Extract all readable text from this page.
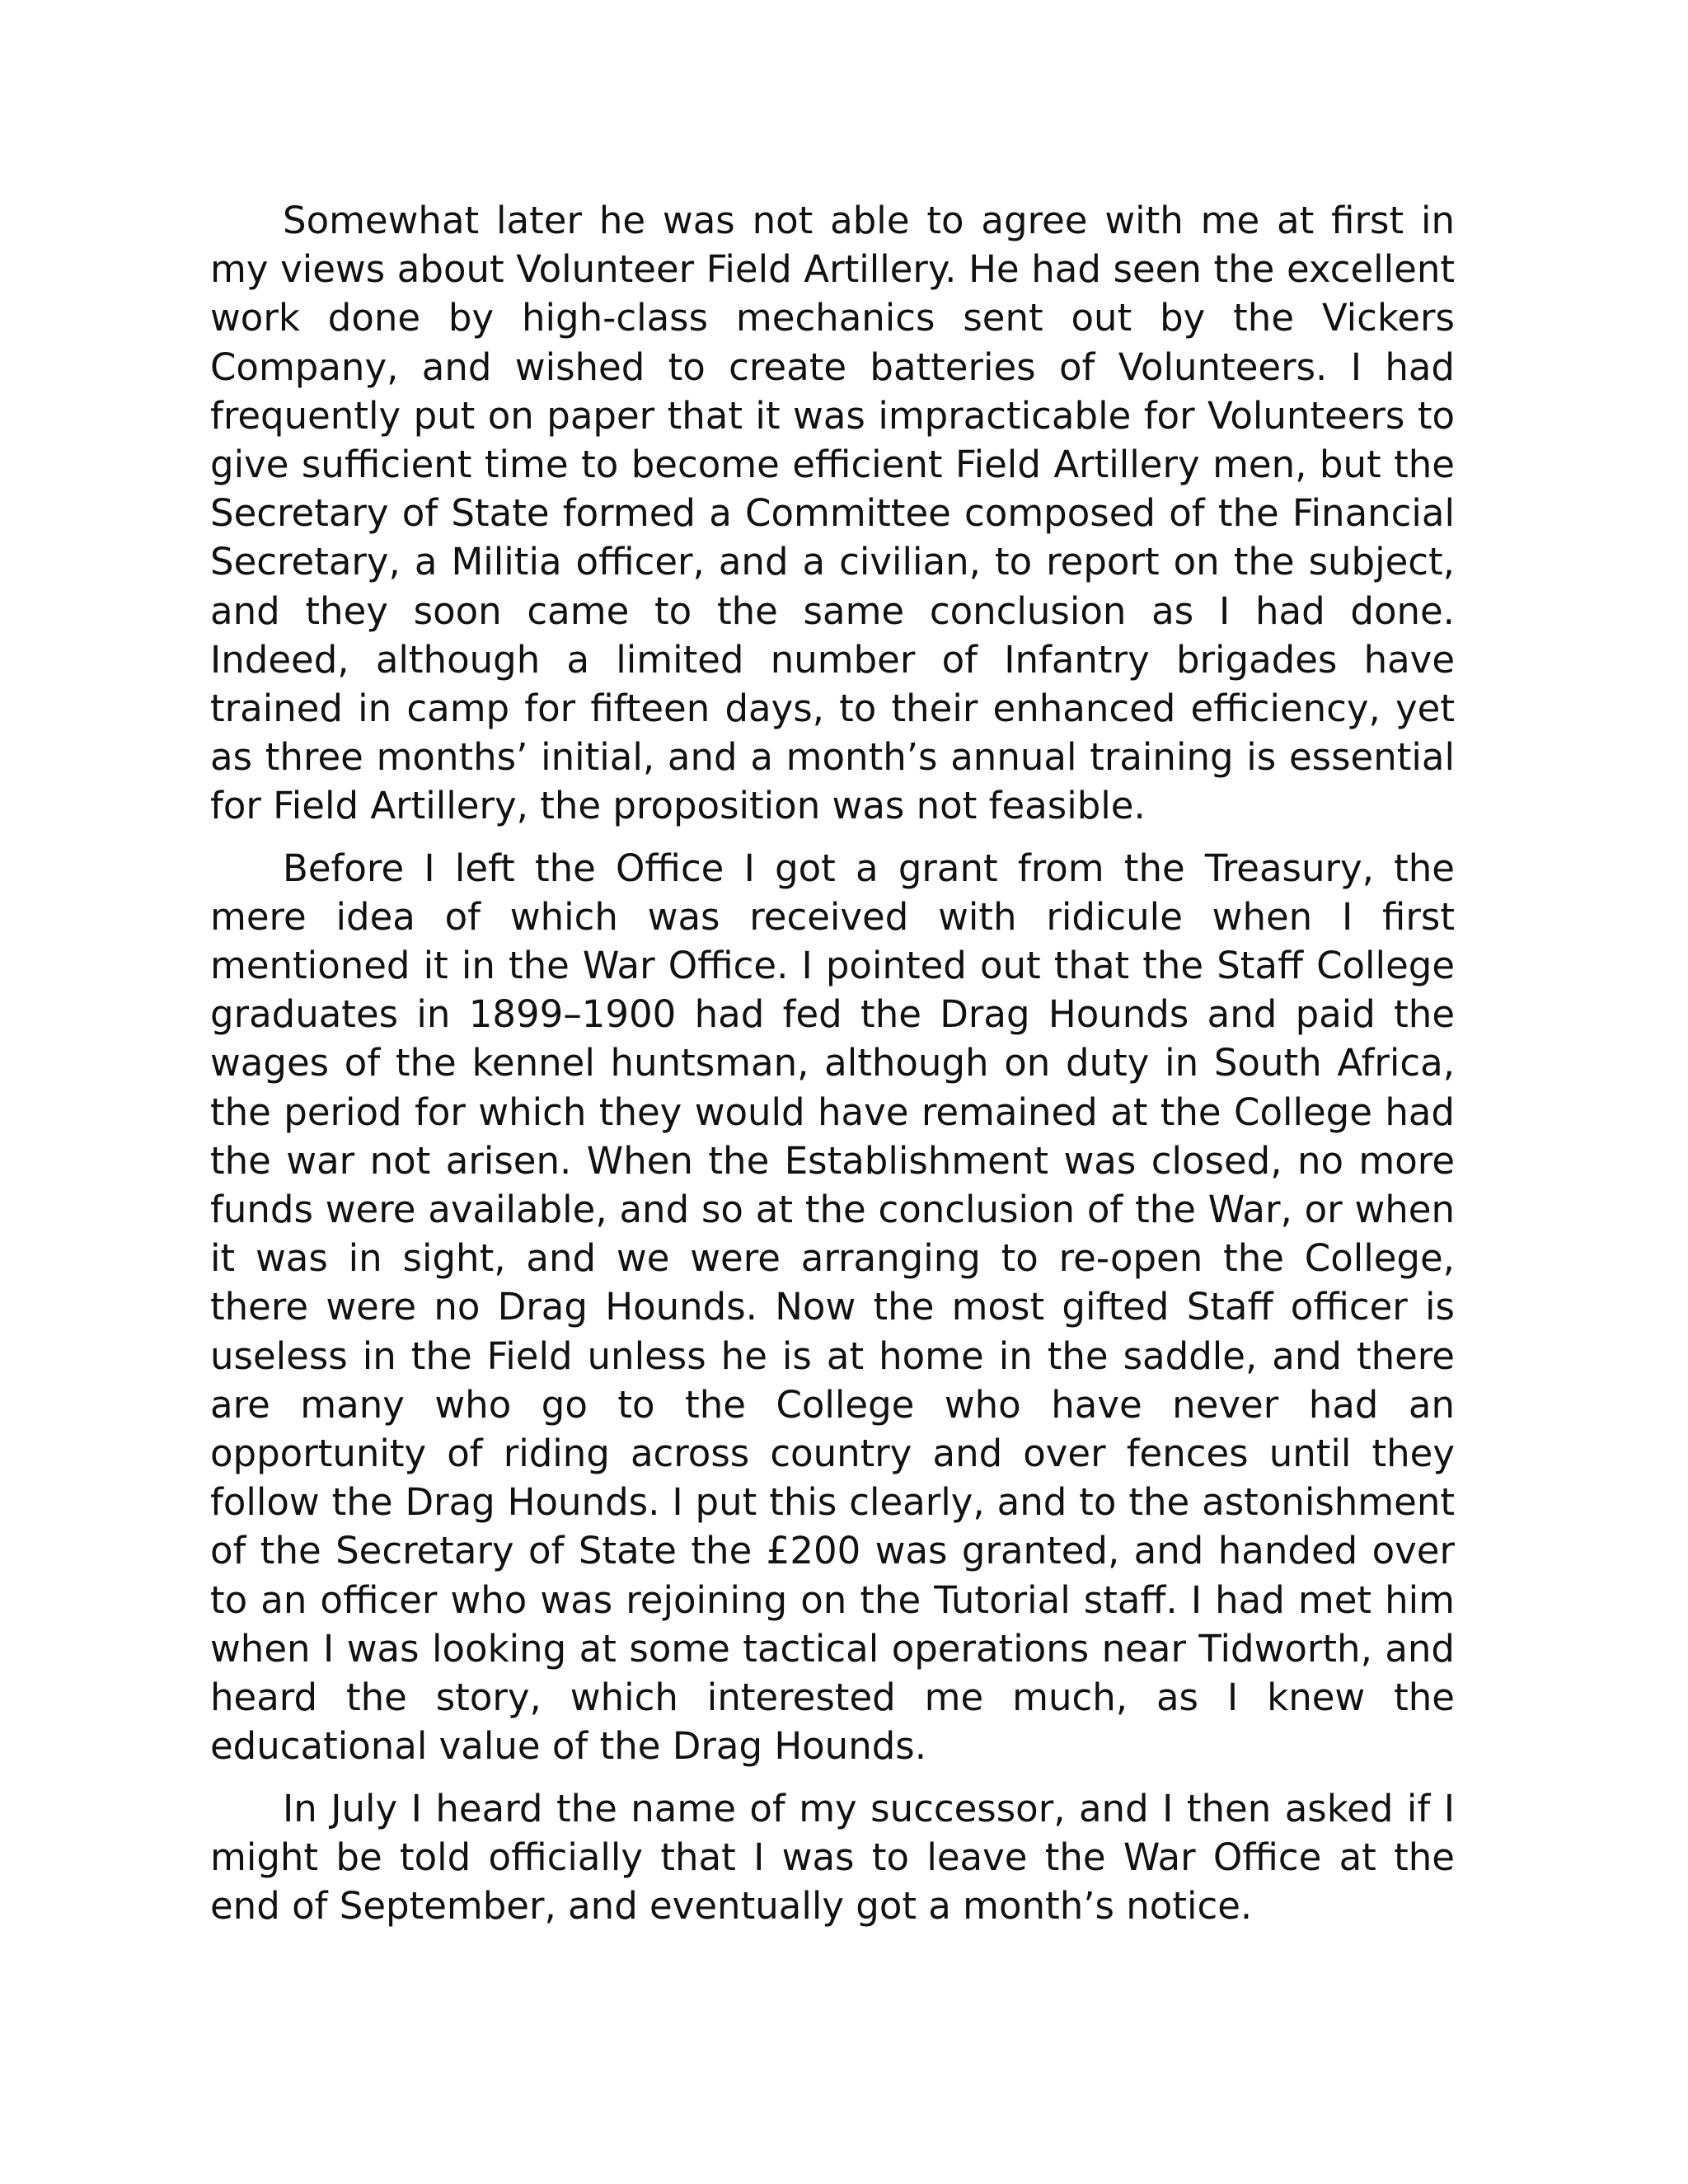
Somewhat later he was not able to agree with me at first in my views about Volunteer Field Artillery. He had seen the excellent work done by high-class mechanics sent out by the Vickers Company, and wished to create batteries of Volunteers. I had frequently put on paper that it was impracticable for Volunteers to give sufficient time to become efficient Field Artillery men, but the Secretary of State formed a Committee composed of the Financial Secretary, a Militia officer, and a civilian, to report on the subject, and they soon came to the same conclusion as I had done. Indeed, although a limited number of Infantry brigades have trained in camp for fifteen days, to their enhanced efficiency, yet as three months’ initial, and a month’s annual training is essential for Field Artillery, the proposition was not feasible.

Before I left the Office I got a grant from the Treasury, the mere idea of which was received with ridicule when I first mentioned it in the War Office. I pointed out that the Staff College graduates in 1899–1900 had fed the Drag Hounds and paid the wages of the kennel huntsman, although on duty in South Africa, the period for which they would have remained at the College had the war not arisen. When the Establishment was closed, no more funds were available, and so at the conclusion of the War, or when it was in sight, and we were arranging to re-open the College, there were no Drag Hounds. Now the most gifted Staff officer is useless in the Field unless he is at home in the saddle, and there are many who go to the College who have never had an opportunity of riding across country and over fences until they follow the Drag Hounds. I put this clearly, and to the astonishment of the Secretary of State the £200 was granted, and handed over to an officer who was rejoining on the Tutorial staff. I had met him when I was looking at some tactical operations near Tidworth, and heard the story, which interested me much, as I knew the educational value of the Drag Hounds.

In July I heard the name of my successor, and I then asked if I might be told officially that I was to leave the War Office at the end of September, and eventually got a month’s notice.
